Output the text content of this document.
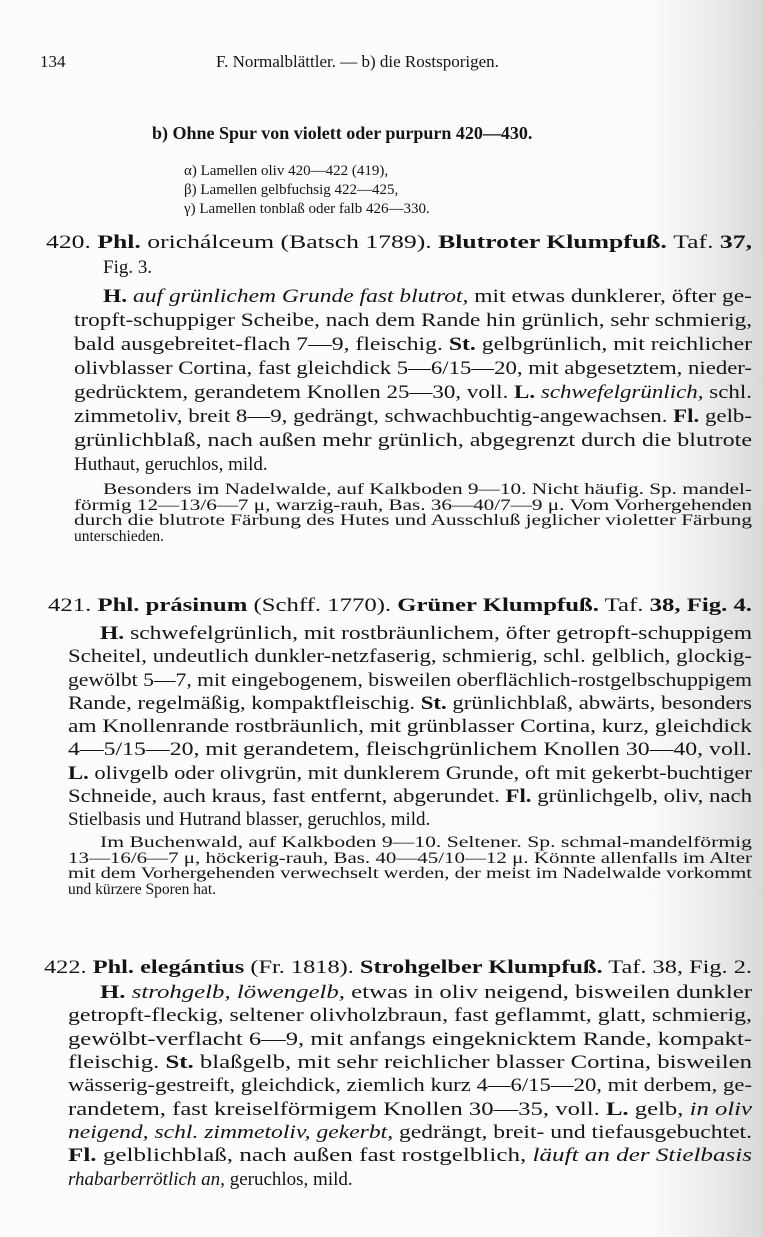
134	F. Normalblättler. — b) die Rostsporigen.
b) Ohne Spur von violett oder purpurn 420—430.
α) Lamellen oliv 420—422 (419),
β) Lamellen gelbfuchsig 422—425,
γ) Lamellen tonblaß oder falb 426—330.
420. Phl. orichálceum (Batsch 1789). Blutroter Klumpfuß. Taf. 37,
Fig. 3.
H. auf grünlichem Grunde fast blutrot, mit etwas dunklerer, öfter ge-
tropft-schuppiger Scheibe, nach dem Rande hin grünlich, sehr schmierig,
bald ausgebreitet-flach 7—9, fleischig. St. gelbgrünlich, mit reichlicher
olivblasser Cortina, fast gleichdick 5—6/15—20, mit abgesetztem, nieder-
gedrücktem, gerandetem Knollen 25—30, voll. L. schwefelgrünlich, schl.
zimmetoliv, breit 8—9, gedrängt, schwachbuchtig-angewachsen. Fl. gelb-
grünlichblaß, nach außen mehr grünlich, abgegrenzt durch die blutrote
Huthaut, geruchlos, mild.
Besonders im Nadelwalde, auf Kalkboden 9—10. Nicht häufig. Sp. mandel-
förmig 12—13/6—7 μ, warzig-rauh, Bas. 36—40/7—9 μ. Vom Vorhergehenden
durch die blutrote Färbung des Hutes und Ausschluß jeglicher violetter Färbung
unterschieden.
421. Phl. prásinum (Schff. 1770). Grüner Klumpfuß. Taf. 38, Fig. 4.
H. schwefelgrünlich, mit rostbräunlichem, öfter getropft-schuppigem
Scheitel, undeutlich dunkler-netzfaserig, schmierig, schl. gelblich, glockig-
gewölbt 5—7, mit eingebogenem, bisweilen oberflächlich-rostgelbschuppigem
Rande, regelmäßig, kompaktfleischig. St. grünlichblaß, abwärts, besonders
am Knollenrande rostbräunlich, mit grünblasser Cortina, kurz, gleichdick
4—5/15—20, mit gerandetem, fleischgrünlichem Knollen 30—40, voll.
L. olivgelb oder olivgrün, mit dunklerem Grunde, oft mit gekerbt-buchtiger
Schneide, auch kraus, fast entfernt, abgerundet. Fl. grünlichgelb, oliv, nach
Stielbasis und Hutrand blasser, geruchlos, mild.
Im Buchenwald, auf Kalkboden 9—10. Seltener. Sp. schmal-mandelförmig
13—16/6—7 μ, höckerig-rauh, Bas. 40—45/10—12 μ. Könnte allenfalls im Alter
mit dem Vorhergehenden verwechselt werden, der meist im Nadelwalde vorkommt
und kürzere Sporen hat.
422. Phl. elegántius (Fr. 1818). Strohgelber Klumpfuß. Taf. 38, Fig. 2.
H. strohgelb, löwengelb, etwas in oliv neigend, bisweilen dunkler
getropft-fleckig, seltener olivholzbraun, fast geflammt, glatt, schmierig,
gewölbt-verflacht 6—9, mit anfangs eingeknicktem Rande, kompakt-
fleischig. St. blaßgelb, mit sehr reichlicher blasser Cortina, bisweilen
wässerig-gestreift, gleichdick, ziemlich kurz 4—6/15—20, mit derbem, ge-
randetem, fast kreiselförmigem Knollen 30—35, voll. L. gelb, in oliv
neigend, schl. zimmetoliv, gekerbt, gedrängt, breit- und tiefausgebuchtet.
Fl. gelblichblaß, nach außen fast rostgelblich, läuft an der Stielbasis
rhabarberrötlich an, geruchlos, mild.
